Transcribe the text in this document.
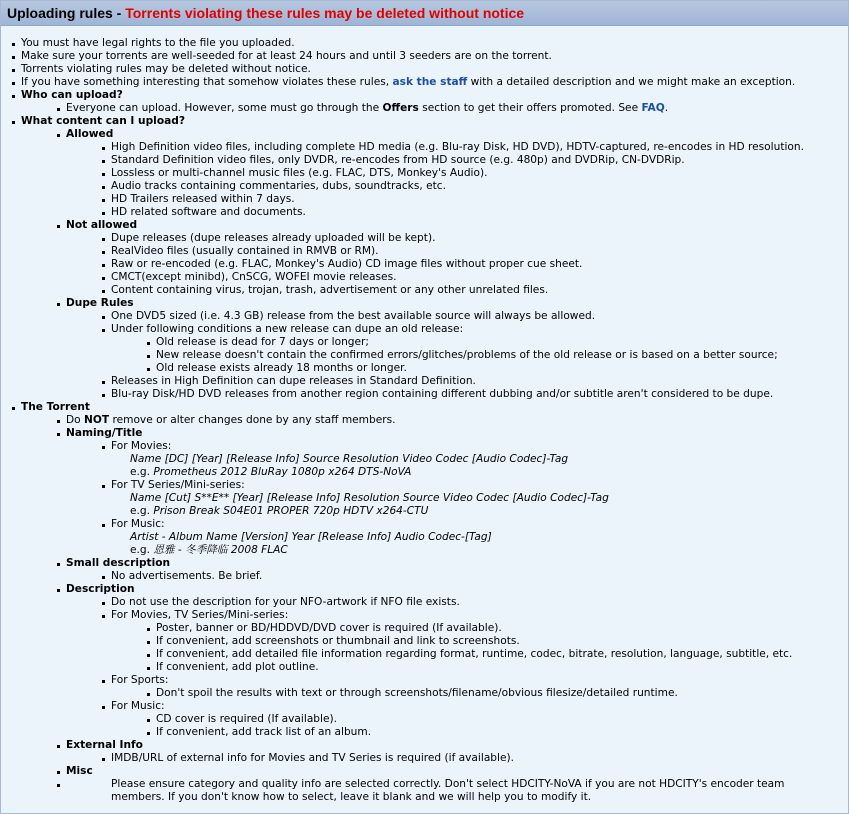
Uploading rules - Torrents violating these rules may be deleted without notice
You must have legal rights to the file you uploaded.
Make sure your torrents are well-seeded for at least 24 hours and until 3 seeders are on the torrent.
Torrents violating rules may be deleted without notice.
If you have something interesting that somehow violates these rules, ask the staff with a detailed description and we might make an exception.
Who can upload?
Everyone can upload. However, some must go through the Offers section to get their offers promoted. See FAQ.
What content can I upload?
Allowed
High Definition video files, including complete HD media (e.g. Blu-ray Disk, HD DVD), HDTV-captured, re-encodes in HD resolution.
Standard Definition video files, only DVDR, re-encodes from HD source (e.g. 480p) and DVDRip, CN-DVDRip.
Lossless or multi-channel music files (e.g. FLAC, DTS, Monkey's Audio).
Audio tracks containing commentaries, dubs, soundtracks, etc.
HD Trailers released within 7 days.
HD related software and documents.
Not allowed
Dupe releases (dupe releases already uploaded will be kept).
RealVideo files (usually contained in RMVB or RM).
Raw or re-encoded (e.g. FLAC, Monkey's Audio) CD image files without proper cue sheet.
CMCT(except minibd), CnSCG, WOFEI movie releases.
Content containing virus, trojan, trash, advertisement or any other unrelated files.
Dupe Rules
One DVD5 sized (i.e. 4.3 GB) release from the best available source will always be allowed.
Under following conditions a new release can dupe an old release:
Old release is dead for 7 days or longer;
New release doesn't contain the confirmed errors/glitches/problems of the old release or is based on a better source;
Old release exists already 18 months or longer.
Releases in High Definition can dupe releases in Standard Definition.
Blu-ray Disk/HD DVD releases from another region containing different dubbing and/or subtitle aren't considered to be dupe.
The Torrent
Do NOT remove or alter changes done by any staff members.
Naming/Title
For Movies:
Name [DC] [Year] [Release Info] Source Resolution Video Codec [Audio Codec]-Tag
e.g. Prometheus 2012 BluRay 1080p x264 DTS-NoVA
For TV Series/Mini-series:
Name [Cut] S**E** [Year] [Release Info] Resolution Source Video Codec [Audio Codec]-Tag
e.g. Prison Break S04E01 PROPER 720p HDTV x264-CTU
For Music:
Artist - Album Name [Version] Year [Release Info] Audio Codec-[Tag]
e.g. 恩雅 - 冬季降临 2008 FLAC
Small description
No advertisements. Be brief.
Description
Do not use the description for your NFO-artwork if NFO file exists.
For Movies, TV Series/Mini-series:
Poster, banner or BD/HDDVD/DVD cover is required (If available).
If convenient, add screenshots or thumbnail and link to screenshots.
If convenient, add detailed file information regarding format, runtime, codec, bitrate, resolution, language, subtitle, etc.
If convenient, add plot outline.
For Sports:
Don't spoil the results with text or through screenshots/filename/obvious filesize/detailed runtime.
For Music:
CD cover is required (If available).
If convenient, add track list of an album.
External Info
IMDB/URL of external info for Movies and TV Series is required (if available).
Misc
Please ensure category and quality info are selected correctly. Don't select HDCITY-NoVA if you are not HDCITY's encoder team members. If you don't know how to select, leave it blank and we will help you to modify it.
